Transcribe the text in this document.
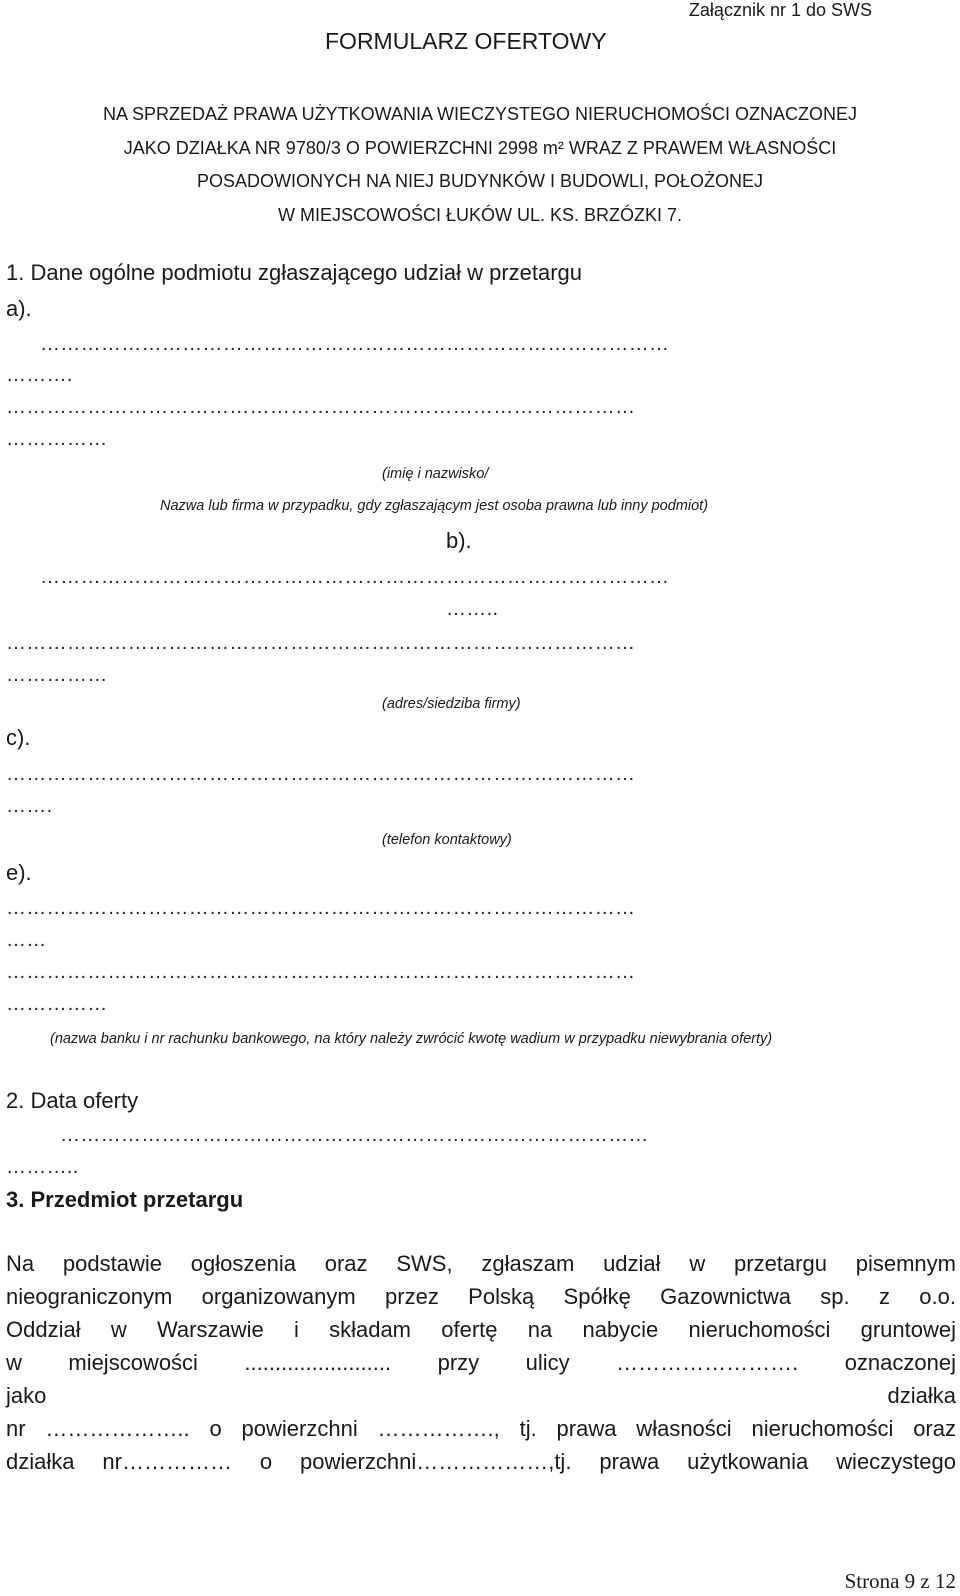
Załącznik nr 1 do SWS
FORMULARZ OFERTOWY
NA SPRZEDAŻ PRAWA UŻYTKOWANIA WIECZYSTEGO NIERUCHOMOŚCI OZNACZONEJ
JAKO DZIAŁKA NR 9780/3 O POWIERZCHNI 2998 m² WRAZ Z PRAWEM WŁASNOŚCI
POSADOWIONYCH NA NIEJ BUDYNKÓW I BUDOWLI, POŁOŻONEJ
W MIEJSCOWOŚCI ŁUKÓW UL. KS. BRZÓZKI 7.
1. Dane ogólne podmiotu zgłaszającego udział w przetargu
a).
…………………………………………………………………………………
……….
…………………………………………………………………………………
……………
(imię i nazwisko/
Nazwa lub firma w przypadku, gdy zgłaszającym jest osoba prawna lub inny podmiot)
b).
…………………………………………………………………………………
……..
…………………………………………………………………………………
……………
(adres/siedziba firmy)
c).
…………………………………………………………………………………
…….
(telefon kontaktowy)
e).
…………………………………………………………………………………
……
…………………………………………………………………………………
……………
(nazwa banku i nr rachunku bankowego, na który należy zwrócić kwotę wadium w przypadku niewybrania oferty)
2. Data oferty
……………………………………………………………………………
………..
3. Przedmiot przetargu
Na podstawie ogłoszenia oraz SWS, zgłaszam udział w przetargu pisemnym
nieograniczonym organizowanym przez Polską Spółkę Gazownictwa sp. z o.o.
Oddział w Warszawie i składam ofertę na nabycie nieruchomości gruntowej
w miejscowości ........................ przy ulicy ……………………. oznaczonej
jako działka
nr ……………….. o powierzchni ……………., tj. prawa własności nieruchomości oraz
działka nr…………… o powierzchni………………,tj. prawa użytkowania wieczystego
Strona 9 z 12
